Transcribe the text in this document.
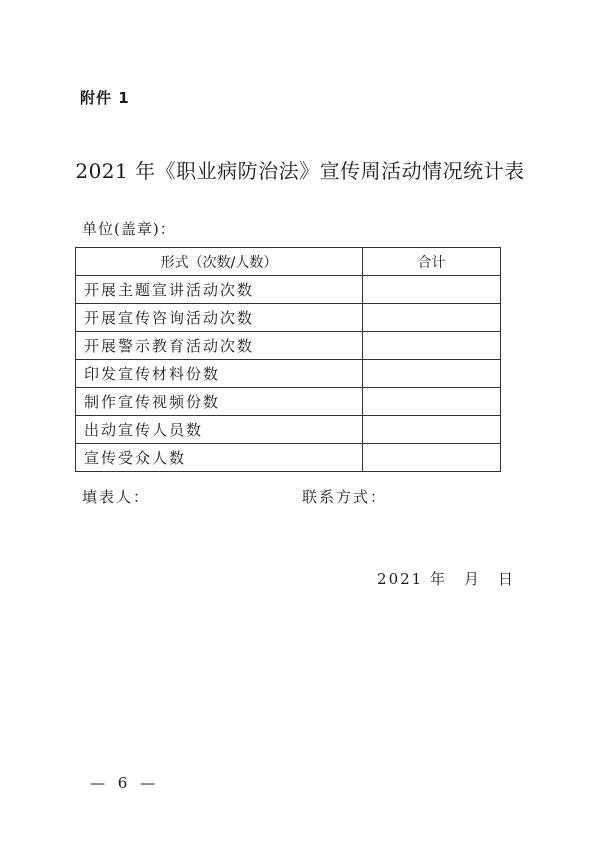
附件 1
2021 年《职业病防治法》宣传周活动情况统计表
单位(盖章)：
形式（次数/人数）	合计
开展主题宣讲活动次数	
开展宣传咨询活动次数	
开展警示教育活动次数	
印发宣传材料份数	
制作宣传视频份数	
出动宣传人员数	
宣传受众人数	
填表人：	联系方式：
2021 年　月　日
— 6 —
